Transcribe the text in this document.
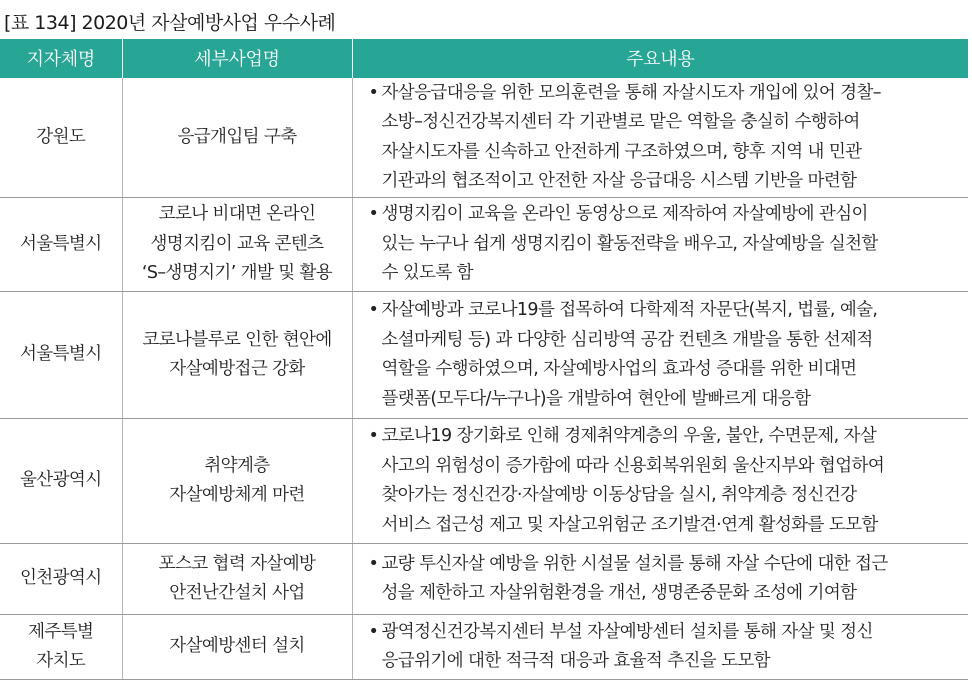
[표 134] 2020년 자살예방사업 우수사례
지자체명	세부사업명	주요내용

강원도	응급개입팀 구축	• 자살응급대응을 위한 모의훈련을 통해 자살시도자 개입에 있어 경찰–
소방–정신건강복지센터 각 기관별로 맡은 역할을 충실히 수행하여
자살시도자를 신속하고 안전하게 구조하였으며, 향후 지역 내 민관
기관과의 협조적이고 안전한 자살 응급대응 시스템 기반을 마련함

서울특별시	코로나 비대면 온라인
생명지킴이 교육 콘텐츠
‘S–생명지기’ 개발 및 활용	• 생명지킴이 교육을 온라인 동영상으로 제작하여 자살예방에 관심이
있는 누구나 쉽게 생명지킴이 활동전략을 배우고, 자살예방을 실천할
수 있도록 함

서울특별시	코로나블루로 인한 현안에
자살예방접근 강화	• 자살예방과 코로나19를 접목하여 다학제적 자문단(복지, 법률, 예술,
소셜마케팅 등) 과 다양한 심리방역 공감 컨텐츠 개발을 통한 선제적
역할을 수행하였으며, 자살예방사업의 효과성 증대를 위한 비대면
플랫폼(모두다/누구나)을 개발하여 현안에 발빠르게 대응함

울산광역시	취약계층
자살예방체계 마련	• 코로나19 장기화로 인해 경제취약계층의 우울, 불안, 수면문제, 자살
사고의 위험성이 증가함에 따라 신용회복위원회 울산지부와 협업하여
찾아가는 정신건강·자살예방 이동상담을 실시, 취약계층 정신건강
서비스 접근성 제고 및 자살고위험군 조기발견·연계 활성화를 도모함

인천광역시	포스코 협력 자살예방
안전난간설치 사업	• 교량 투신자살 예방을 위한 시설물 설치를 통해 자살 수단에 대한 접근
성을 제한하고 자살위험환경을 개선, 생명존중문화 조성에 기여함

제주특별
자치도	자살예방센터 설치	• 광역정신건강복지센터 부설 자살예방센터 설치를 통해 자살 및 정신
응급위기에 대한 적극적 대응과 효율적 추진을 도모함
